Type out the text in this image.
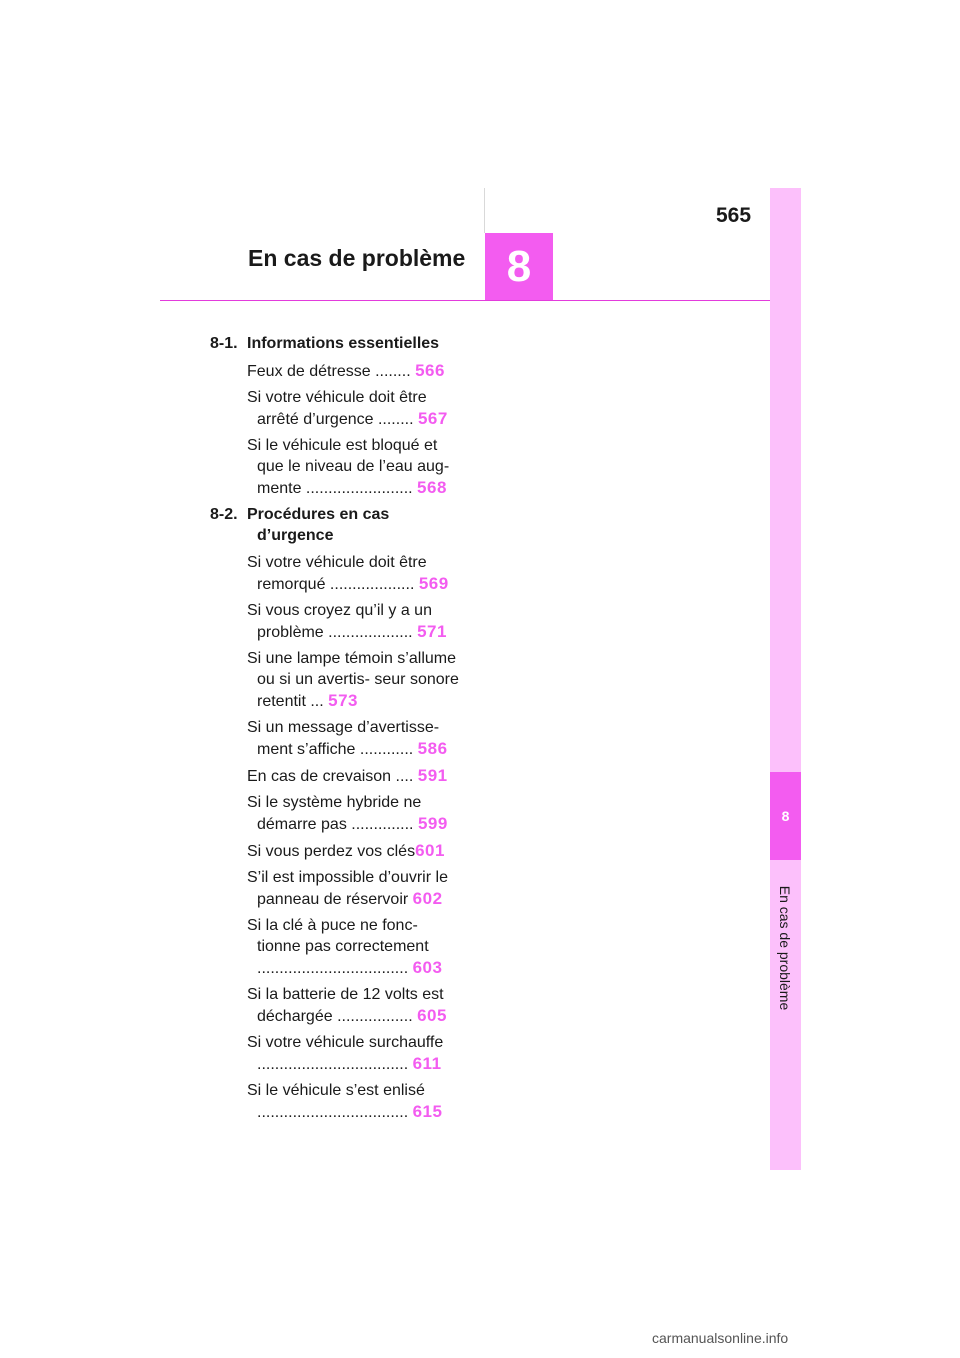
565
En cas de problème 8
8
En cas de problème
8-1. Informations essentielles
Feux de détresse ........ 566
Si votre véhicule doit être arrêté d’urgence ........ 567
Si le véhicule est bloqué et que le niveau de l’eau aug- mente ........................ 568
8-2. Procédures en cas d’urgence
Si votre véhicule doit être remorqué ................... 569
Si vous croyez qu’il y a un problème ................... 571
Si une lampe témoin s’allume ou si un avertis- seur sonore retentit ... 573
Si un message d’avertisse- ment s’affiche ............ 586
En cas de crevaison .... 591
Si le système hybride ne démarre pas .............. 599
Si vous perdez vos clés601
S’il est impossible d’ouvrir le panneau de réservoir 602
Si la clé à puce ne fonc- tionne pas correctement .................................. 603
Si la batterie de 12 volts est déchargée ................. 605
Si votre véhicule surchauffe .................................. 611
Si le véhicule s’est enlisé .................................. 615
carmanualsonline.info
